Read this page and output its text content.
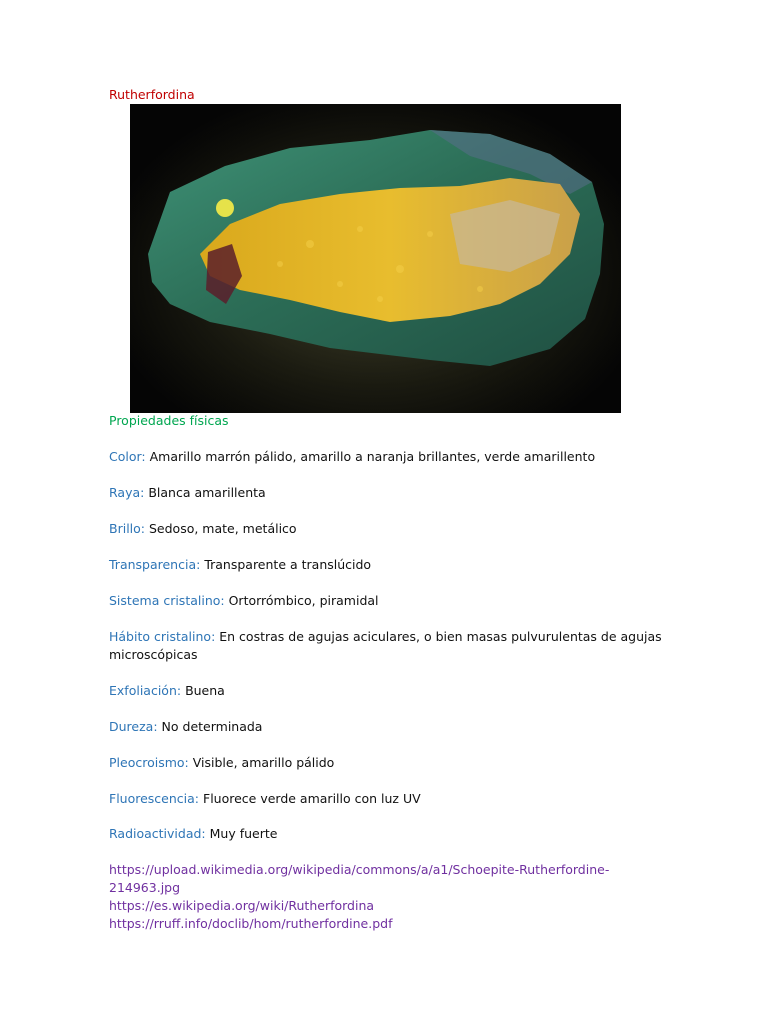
Rutherfordina
Propiedades físicas
Color: Amarillo marrón pálido, amarillo a naranja brillantes, verde amarillento
Raya: Blanca amarillenta
Brillo: Sedoso, mate, metálico
Transparencia: Transparente a translúcido
Sistema cristalino: Ortorrómbico, piramidal
Hábito cristalino: En costras de agujas aciculares, o bien masas pulvurulentas de agujas microscópicas
Exfoliación: Buena
Dureza: No determinada
Pleocroismo: Visible, amarillo pálido
Fluorescencia: Fluorece verde amarillo con luz UV
Radioactividad: Muy fuerte
https://upload.wikimedia.org/wikipedia/commons/a/a1/Schoepite-Rutherfordine-214963.jpg
https://es.wikipedia.org/wiki/Rutherfordina
https://rruff.info/doclib/hom/rutherfordine.pdf
